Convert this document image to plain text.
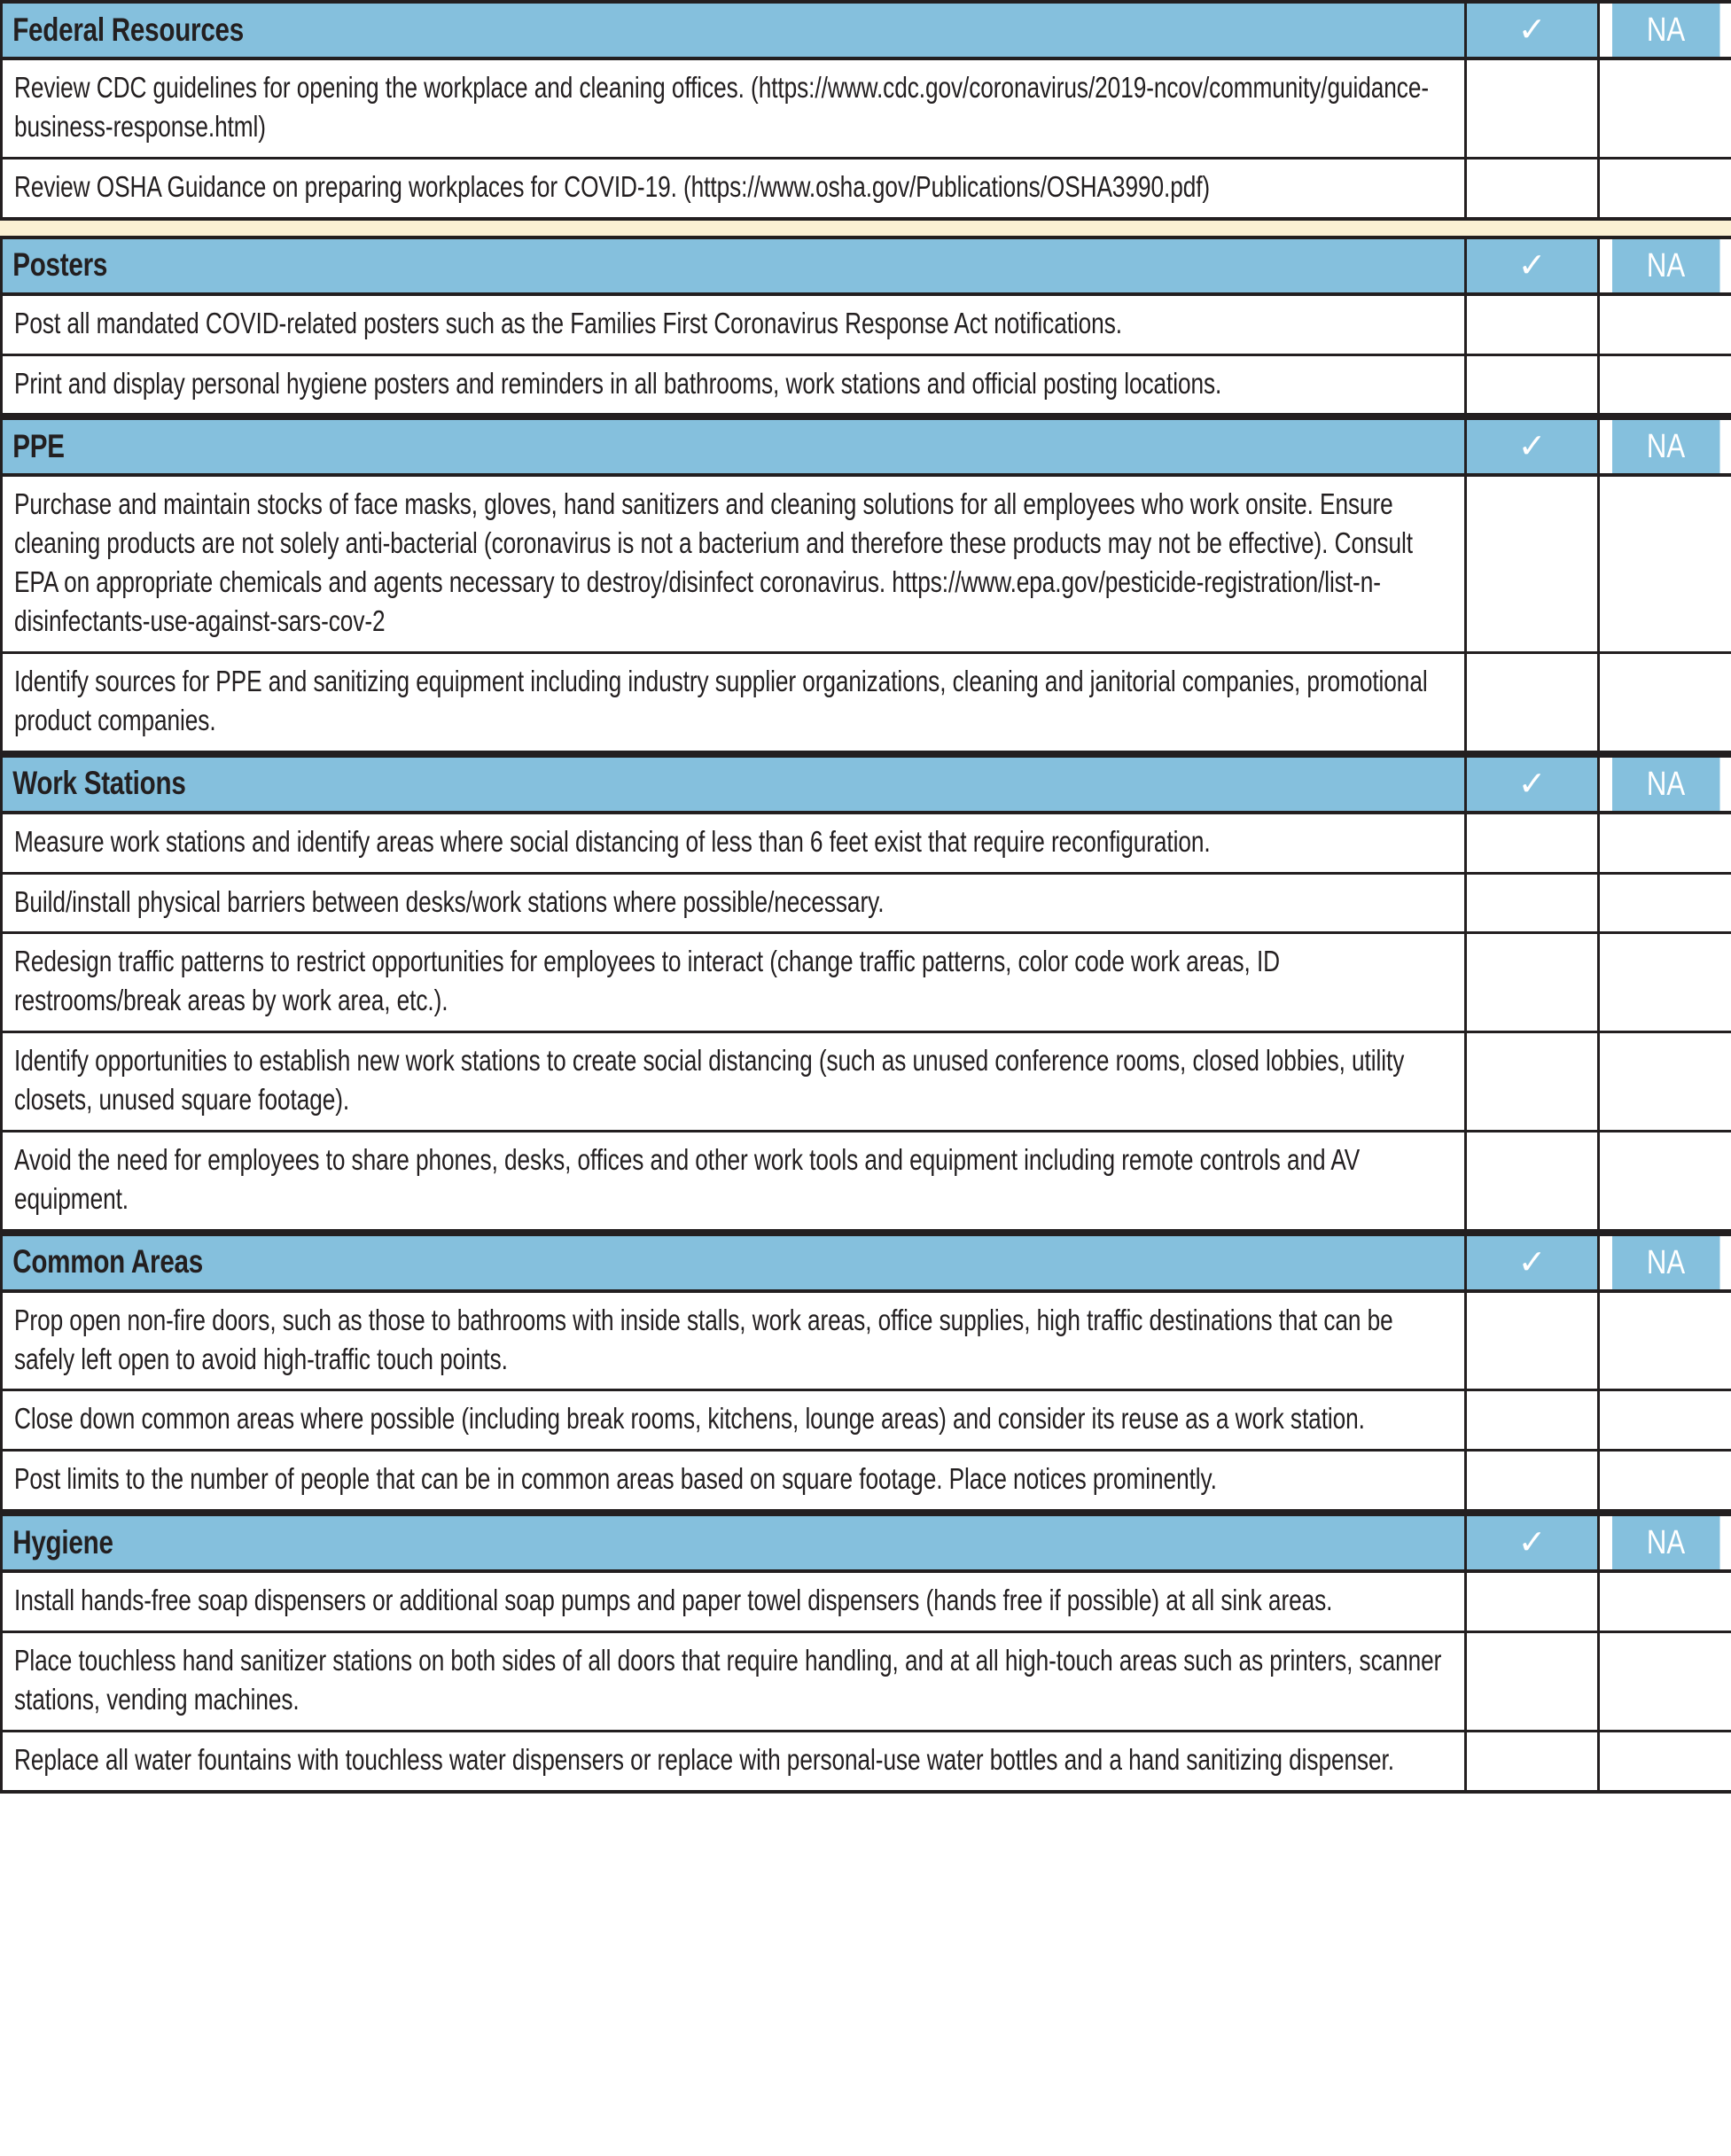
Federal Resources	✓	NA

Review CDC guidelines for opening the workplace and cleaning offices. (https://www.cdc.gov/coronavirus/2019-ncov/community/guidance-business-response.html)		

Review OSHA Guidance on preparing workplaces for COVID-19. (https://www.osha.gov/Publications/OSHA3990.pdf)		

Posters	✓	NA

Post all mandated COVID-related posters such as the Families First Coronavirus Response Act notifications.		

Print and display personal hygiene posters and reminders in all bathrooms, work stations and official posting locations.		

PPE	✓	NA

Purchase and maintain stocks of face masks, gloves, hand sanitizers and cleaning solutions for all employees who work onsite. Ensure cleaning products are not solely anti-bacterial (coronavirus is not a bacterium and therefore these products may not be effective). Consult EPA on appropriate chemicals and agents necessary to destroy/disinfect coronavirus. https://www.epa.gov/pesticide-registration/list-n-disinfectants-use-against-sars-cov-2		

Identify sources for PPE and sanitizing equipment including industry supplier organizations, cleaning and janitorial companies, promotional product companies.		

Work Stations	✓	NA

Measure work stations and identify areas where social distancing of less than 6 feet exist that require reconfiguration.		

Build/install physical barriers between desks/work stations where possible/necessary.		

Redesign traffic patterns to restrict opportunities for employees to interact (change traffic patterns, color code work areas, ID restrooms/break areas by work area, etc.).		

Identify opportunities to establish new work stations to create social distancing (such as unused conference rooms, closed lobbies, utility closets, unused square footage).		

Avoid the need for employees to share phones, desks, offices and other work tools and equipment including remote controls and AV equipment.		

Common Areas	✓	NA

Prop open non-fire doors, such as those to bathrooms with inside stalls, work areas, office supplies, high traffic destinations that can be safely left open to avoid high-traffic touch points.		

Close down common areas where possible (including break rooms, kitchens, lounge areas) and consider its reuse as a work station.		

Post limits to the number of people that can be in common areas based on square footage. Place notices prominently.		

Hygiene	✓	NA

Install hands-free soap dispensers or additional soap pumps and paper towel dispensers (hands free if possible) at all sink areas.		

Place touchless hand sanitizer stations on both sides of all doors that require handling, and at all high-touch areas such as printers, scanner stations, vending machines.		

Replace all water fountains with touchless water dispensers or replace with personal-use water bottles and a hand sanitizing dispenser.		
